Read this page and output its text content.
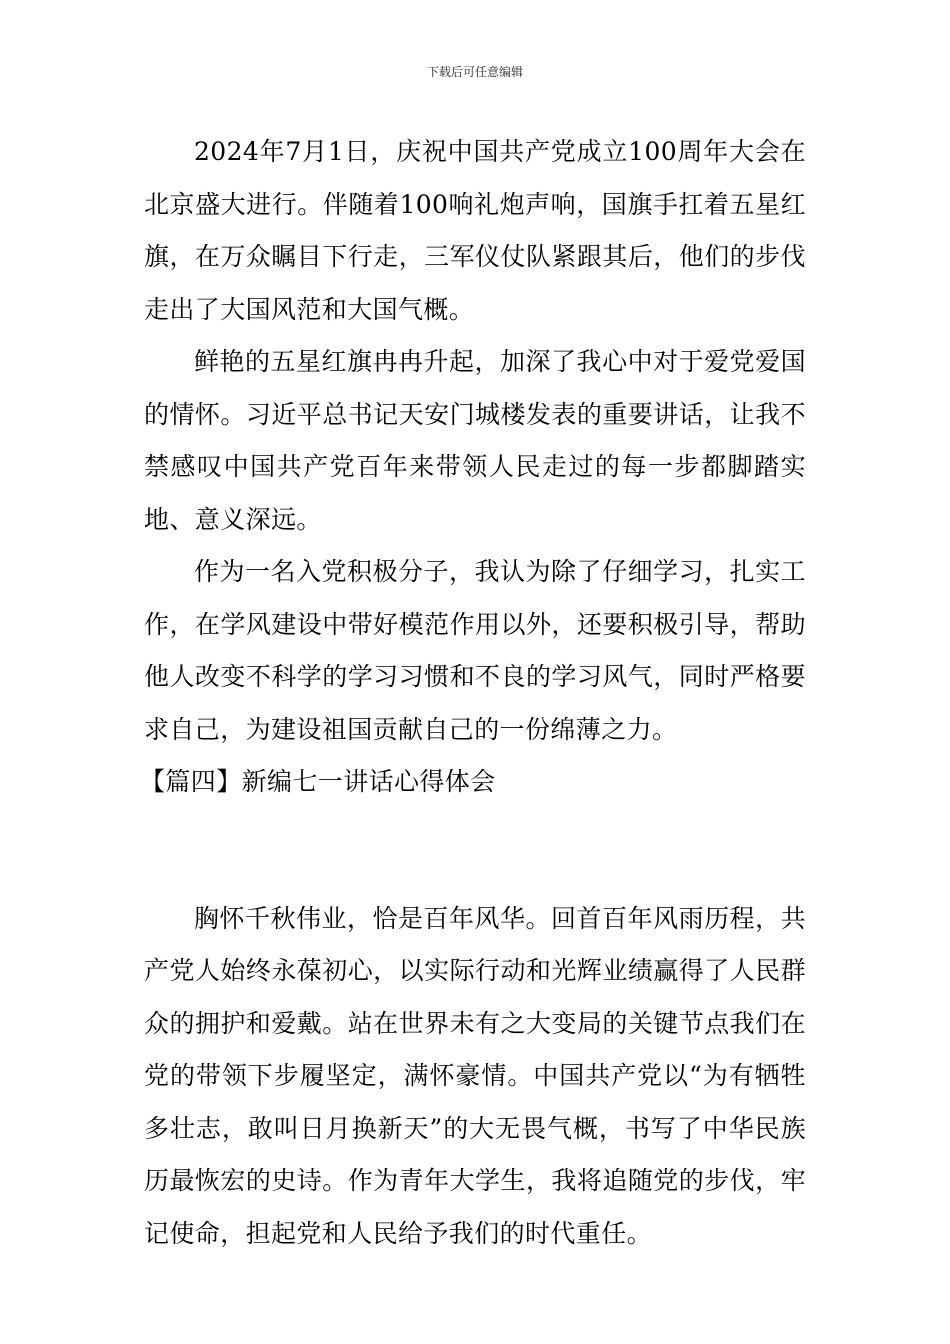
下载后可任意编辑

2024年7月1日，庆祝中国共产党成立100周年大会在北京盛大进行。伴随着100响礼炮声响，国旗手扛着五星红旗，在万众瞩目下行走，三军仪仗队紧跟其后，他们的步伐走出了大国风范和大国气概。

鲜艳的五星红旗冉冉升起，加深了我心中对于爱党爱国的情怀。习近平总书记天安门城楼发表的重要讲话，让我不禁感叹中国共产党百年来带领人民走过的每一步都脚踏实地、意义深远。

作为一名入党积极分子，我认为除了仔细学习，扎实工作，在学风建设中带好模范作用以外，还要积极引导，帮助他人改变不科学的学习习惯和不良的学习风气，同时严格要求自己，为建设祖国贡献自己的一份绵薄之力。

【篇四】新编七一讲话心得体会

胸怀千秋伟业，恰是百年风华。回首百年风雨历程，共产党人始终永葆初心，以实际行动和光辉业绩赢得了人民群众的拥护和爱戴。站在世界未有之大变局的关键节点我们在党的带领下步履坚定，满怀豪情。中国共产党以“为有牺牲多壮志，敢叫日月换新天”的大无畏气概，书写了中华民族历最恢宏的史诗。作为青年大学生，我将追随党的步伐，牢记使命，担起党和人民给予我们的时代重任。
